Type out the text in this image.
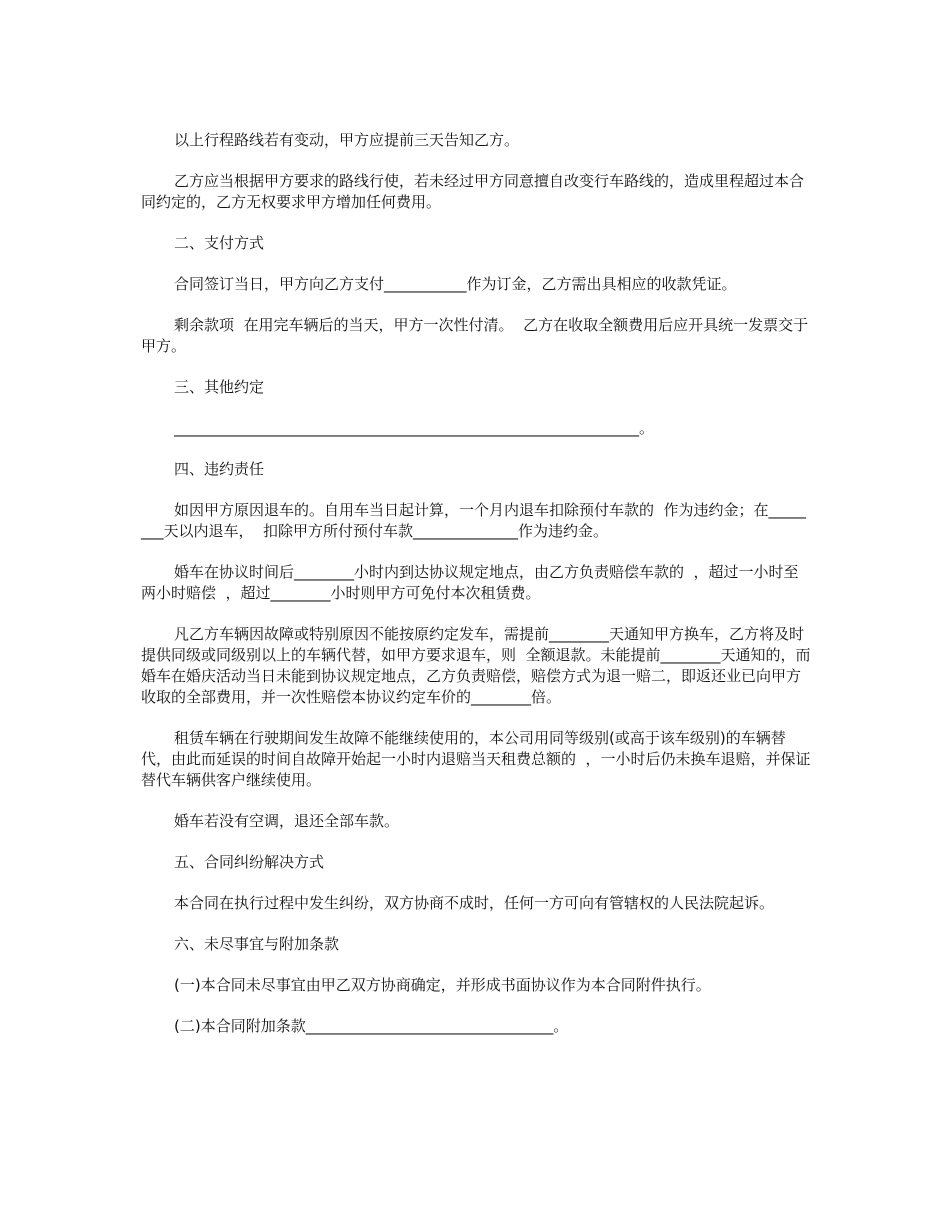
以上行程路线若有变动，甲方应提前三天告知乙方。

乙方应当根据甲方要求的路线行使，若未经过甲方同意擅自改变行车路线的，造成里程超过本合同约定的，乙方无权要求甲方增加任何费用。

二、支付方式

合同签订当日，甲方向乙方支付___________作为订金，乙方需出具相应的收款凭证。

剩余款项  在用完车辆后的当天，甲方一次性付清。  乙方在收取全额费用后应开具统一发票交于甲方。

三、其他约定

______________________________________________________________。

四、违约责任

如因甲方原因退车的。自用车当日起计算，一个月内退车扣除预付车款的  作为违约金；在________天以内退车，  扣除甲方所付预付车款______________作为违约金。

婚车在协议时间后________小时内到达协议规定地点，由乙方负责赔偿车款的  ，超过一小时至两小时赔偿  ，超过________小时则甲方可免付本次租赁费。

凡乙方车辆因故障或特别原因不能按原约定发车，需提前________天通知甲方换车，乙方将及时提供同级或同级别以上的车辆代替，如甲方要求退车，则  全额退款。未能提前________天通知的，而婚车在婚庆活动当日未能到协议规定地点，乙方负责赔偿，赔偿方式为退一赔二，即返还业已向甲方收取的全部费用，并一次性赔偿本协议约定车价的________倍。

租赁车辆在行驶期间发生故障不能继续使用的，本公司用同等级别(或高于该车级别)的车辆替代，由此而延误的时间自故障开始起一小时内退赔当天租费总额的  ，一小时后仍未换车退赔，并保证替代车辆供客户继续使用。

婚车若没有空调，退还全部车款。

五、合同纠纷解决方式

本合同在执行过程中发生纠纷，双方协商不成时，任何一方可向有管辖权的人民法院起诉。

六、未尽事宜与附加条款

(一)本合同未尽事宜由甲乙双方协商确定，并形成书面协议作为本合同附件执行。

(二)本合同附加条款_________________________________。
